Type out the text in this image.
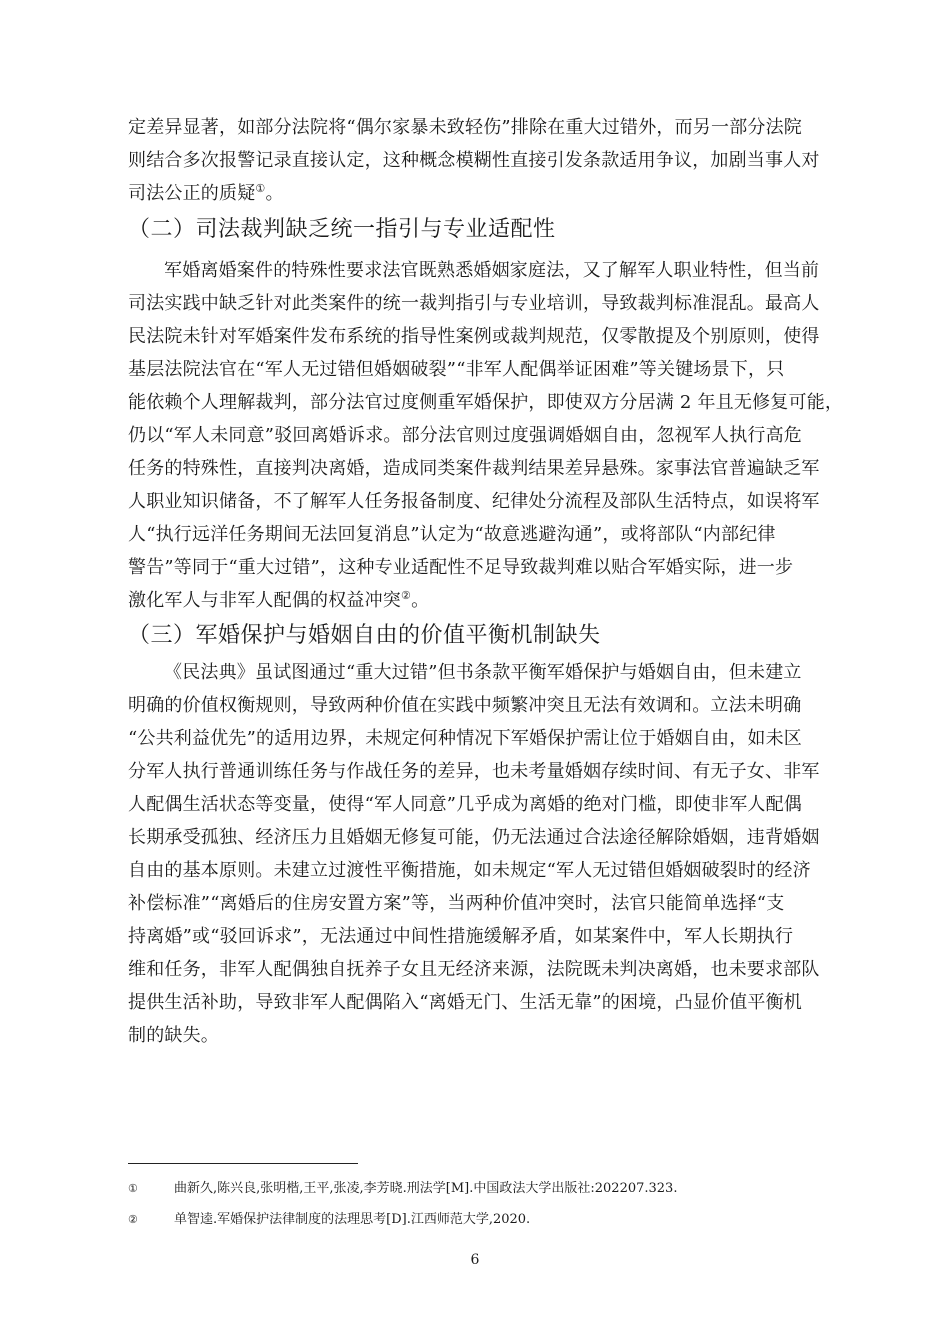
定差异显著，如部分法院将“偶尔家暴未致轻伤”排除在重大过错外，而另一部分法院

则结合多次报警记录直接认定，这种概念模糊性直接引发条款适用争议，加剧当事人对

司法公正的质疑①。

（二）司法裁判缺乏统一指引与专业适配性

军婚离婚案件的特殊性要求法官既熟悉婚姻家庭法，又了解军人职业特性，但当前

司法实践中缺乏针对此类案件的统一裁判指引与专业培训，导致裁判标准混乱。最高人

民法院未针对军婚案件发布系统的指导性案例或裁判规范，仅零散提及个别原则，使得

基层法院法官在“军人无过错但婚姻破裂”“非军人配偶举证困难”等关键场景下，只

能依赖个人理解裁判，部分法官过度侧重军婚保护，即使双方分居满 2 年且无修复可能，

仍以“军人未同意”驳回离婚诉求。部分法官则过度强调婚姻自由，忽视军人执行高危

任务的特殊性，直接判决离婚，造成同类案件裁判结果差异悬殊。家事法官普遍缺乏军

人职业知识储备，不了解军人任务报备制度、纪律处分流程及部队生活特点，如误将军

人“执行远洋任务期间无法回复消息”认定为“故意逃避沟通”，或将部队“内部纪律

警告”等同于“重大过错”，这种专业适配性不足导致裁判难以贴合军婚实际，进一步

激化军人与非军人配偶的权益冲突②。

（三）军婚保护与婚姻自由的价值平衡机制缺失

《民法典》虽试图通过“重大过错”但书条款平衡军婚保护与婚姻自由，但未建立

明确的价值权衡规则，导致两种价值在实践中频繁冲突且无法有效调和。立法未明确

“公共利益优先”的适用边界，未规定何种情况下军婚保护需让位于婚姻自由，如未区

分军人执行普通训练任务与作战任务的差异，也未考量婚姻存续时间、有无子女、非军

人配偶生活状态等变量，使得“军人同意”几乎成为离婚的绝对门槛，即使非军人配偶

长期承受孤独、经济压力且婚姻无修复可能，仍无法通过合法途径解除婚姻，违背婚姻

自由的基本原则。未建立过渡性平衡措施，如未规定“军人无过错但婚姻破裂时的经济

补偿标准”“离婚后的住房安置方案”等，当两种价值冲突时，法官只能简单选择“支

持离婚”或“驳回诉求”，无法通过中间性措施缓解矛盾，如某案件中，军人长期执行

维和任务，非军人配偶独自抚养子女且无经济来源，法院既未判决离婚，也未要求部队

提供生活补助，导致非军人配偶陷入“离婚无门、生活无靠”的困境，凸显价值平衡机

制的缺失。

①	曲新久,陈兴良,张明楷,王平,张凌,李芳晓.刑法学[M].中国政法大学出版社:202207.323.
②	单智逵.军婚保护法律制度的法理思考[D].江西师范大学,2020.
6
